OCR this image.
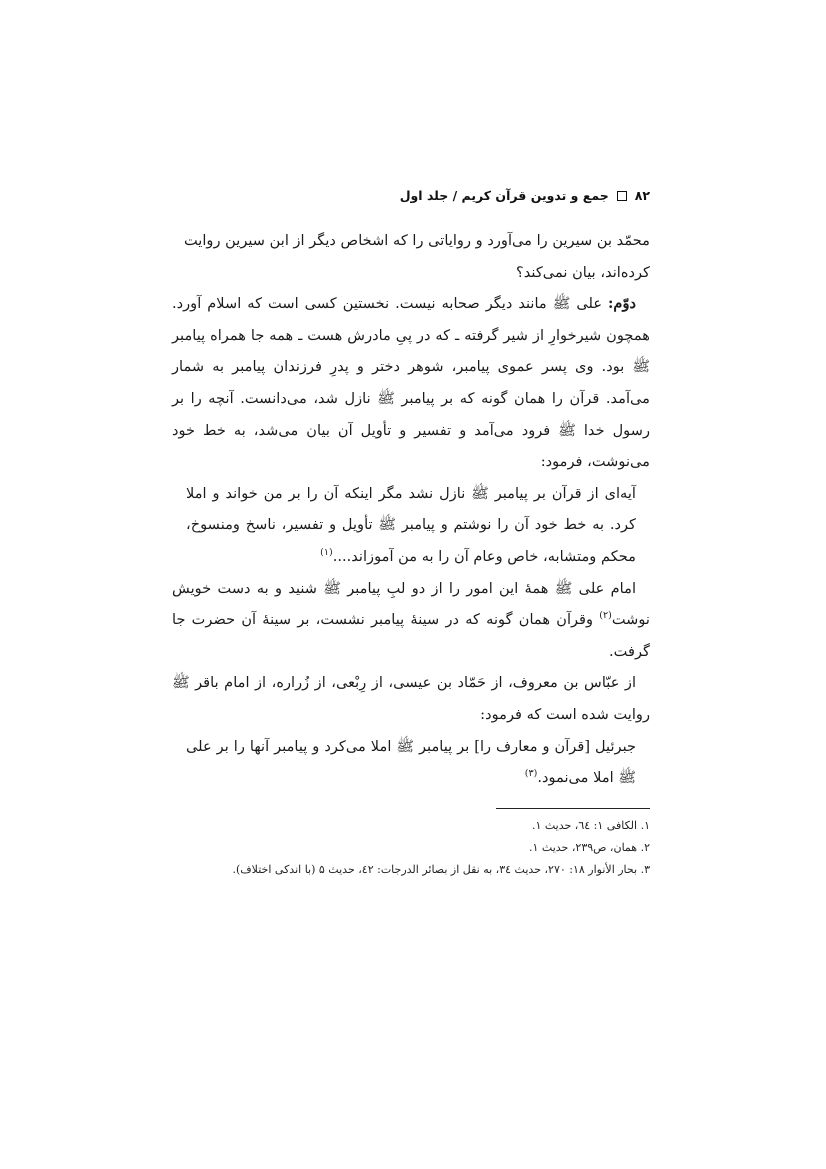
۸۲
جمع و تدوین قرآن کریم / جلد اول

محمّد بن سیرین را می‌آورد و روایاتی را که اشخاص دیگر از ابن سیرین روایت
کرده‌اند، بیان نمی‌کند؟

دوّم: علی ﷺ مانند دیگر صحابه نیست. نخستین کسی است که اسلام آورد. همچون شیرخوارِ از شیر گرفته ـ که در پیِ مادرش هست ـ همه جا همراه پیامبر ﷺ بود. وی پسر عموی پیامبر، شوهر دختر و پدرِ فرزندان پیامبر به شمار می‌آمد. قرآن را همان گونه که بر پیامبر ﷺ نازل شد، می‌دانست. آنچه را بر رسول خدا ﷺ فرود می‌آمد و تفسیر و تأویل آن بیان می‌شد، به خط خود می‌نوشت، فرمود:

آیه‌ای از قرآن بر پیامبر ﷺ نازل نشد مگر اینکه آن را بر من خواند و املا کرد. به خط خود آن را نوشتم و پیامبر ﷺ تأویل و تفسیر، ناسخ ومنسوخ، محکم ومتشابه، خاص وعام آن را به من آموزاند....$^{(۱)}$

امام علی ﷺ همهٔ این امور را از دو لبِ پیامبر ﷺ شنید و به دست خویش نوشت$^{(۲)}$ وقرآن همان گونه که در سینهٔ پیامبر نشست، بر سینهٔ آن حضرت جا گرفت.

از عبّاس بن معروف، از حَمّاد بن عیسی، از رِبْعی، از زُراره، از امام باقر ﷺ روایت شده است که فرمود:

جبرئیل [قرآن و معارف را] بر پیامبر ﷺ املا می‌کرد و پیامبر آنها را بر علی ﷺ املا می‌نمود.$^{(۳)}$

۱. الکافی ۱: ٦٤، حدیث ۱.

۲. همان، ص۲۳۹، حدیث ۱.

۳. بحار الأنوار ۱۸: ۲۷۰، حدیث ۳٤، به نقل از بصائر الدرجات: ٤۲، حدیث ۵ (با اندکی اختلاف).
